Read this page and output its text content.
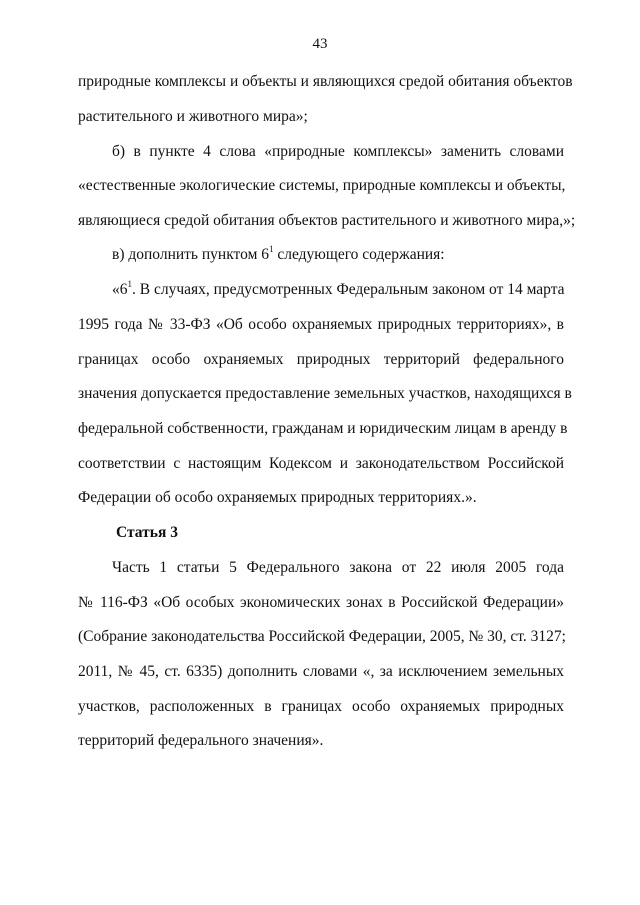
43
природные комплексы и объекты и являющихся средой обитания объектов
растительного и животного мира»;
б) в пункте 4 слова «природные комплексы» заменить словами
«естественные экологические системы, природные комплексы и объекты,
являющиеся средой обитания объектов растительного и животного мира,»;
в) дополнить пунктом $6^1$ следующего содержания:
«$6^1$. В случаях, предусмотренных Федеральным законом от 14 марта
1995 года № 33-ФЗ «Об особо охраняемых природных территориях», в
границах особо охраняемых природных территорий федерального
значения допускается предоставление земельных участков, находящихся в
федеральной собственности, гражданам и юридическим лицам в аренду в
соответствии с настоящим Кодексом и законодательством Российской
Федерации об особо охраняемых природных территориях.».
Статья 3
Часть 1 статьи 5 Федерального закона от 22 июля 2005 года
№ 116-ФЗ «Об особых экономических зонах в Российской Федерации»
(Собрание законодательства Российской Федерации, 2005, № 30, ст. 3127;
2011, № 45, ст. 6335) дополнить словами «, за исключением земельных
участков, расположенных в границах особо охраняемых природных
территорий федерального значения».
